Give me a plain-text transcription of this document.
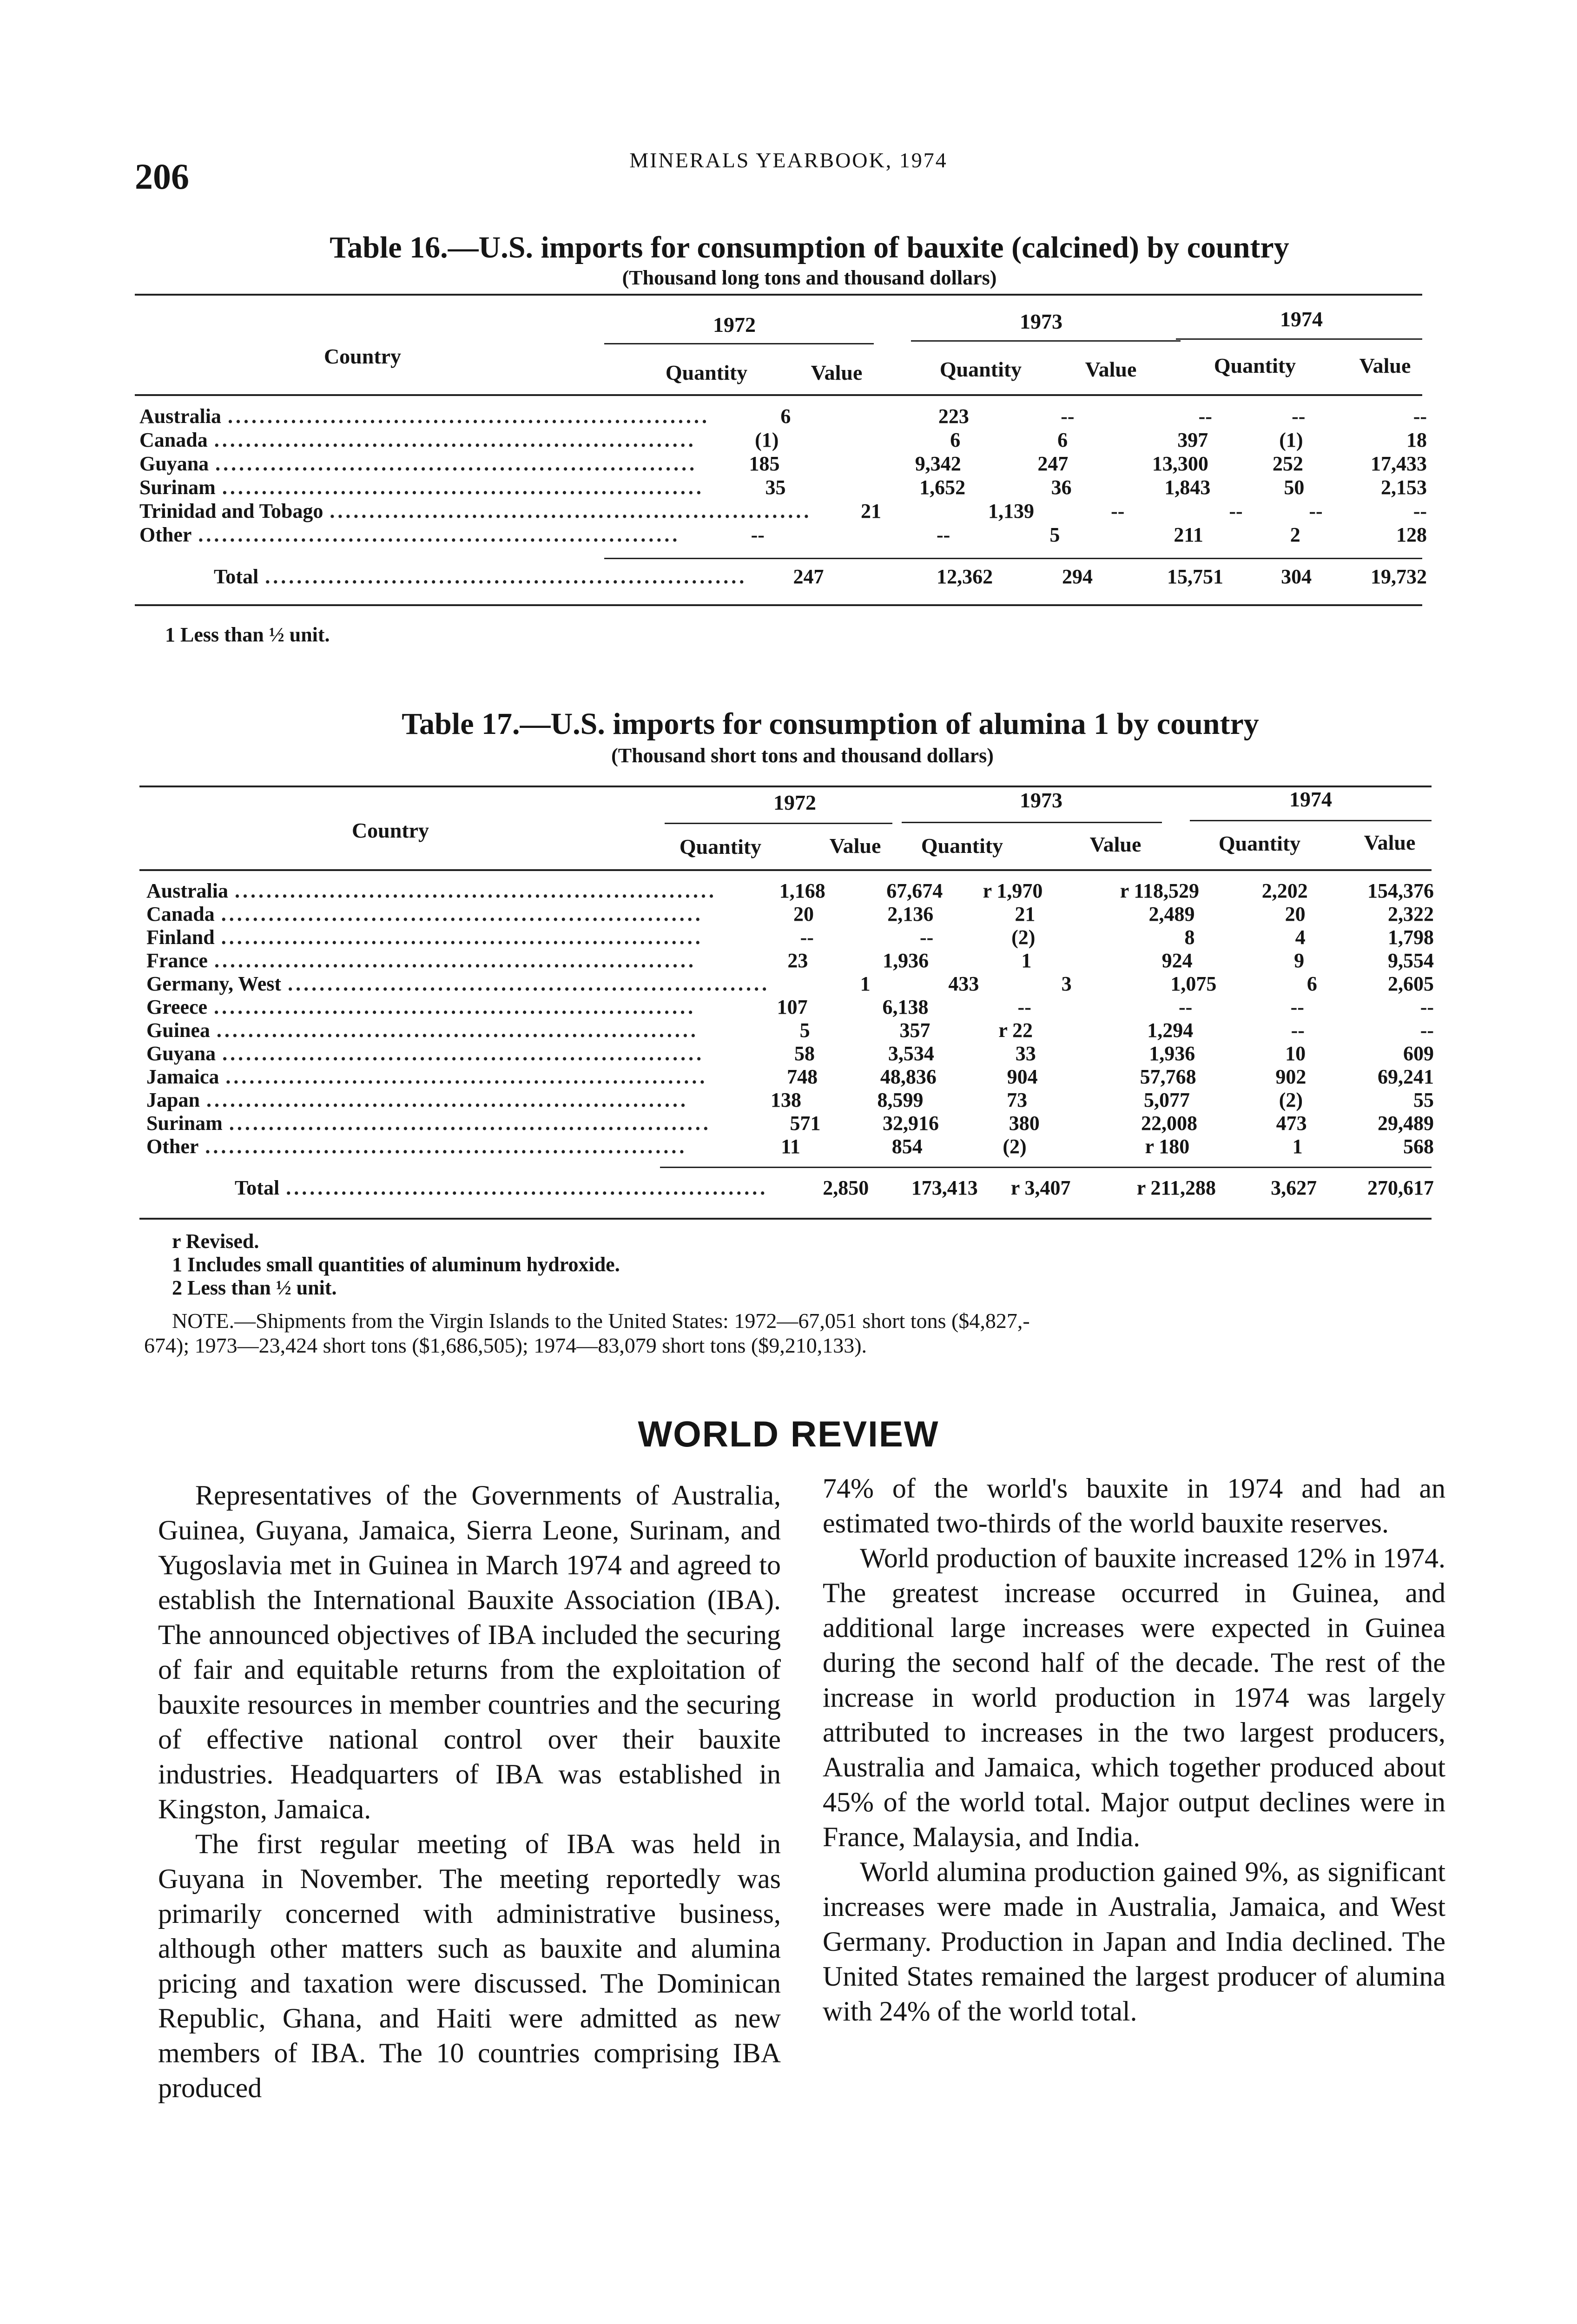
206	MINERALS YEARBOOK, 1974
Table 16.—U.S. imports for consumption of bauxite (calcined) by country
(Thousand long tons and thousand dollars)
Country
1972	1973	1974
Quantity	Value	Quantity	Value	Quantity	Value
Australia .............................................................	6	223	--	--	--	--
Canada .............................................................	(1)	6	6	397	(1)	18
Guyana .............................................................	185	9,342	247	13,300	252	17,433
Surinam .............................................................	35	1,652	36	1,843	50	2,153
Trinidad and Tobago .............................................................	21	1,139	--	--	--	--
Other .............................................................	--	--	5	211	2	128
Total .............................................................	247	12,362	294	15,751	304	19,732
1 Less than ½ unit.
Table 17.—U.S. imports for consumption of alumina 1 by country
(Thousand short tons and thousand dollars)
Country
1972	1973	1974
Quantity	Value	Quantity	Value	Quantity	Value
Australia .............................................................	1,168	67,674	r 1,970	r 118,529	2,202	154,376
Canada .............................................................	20	2,136	21	2,489	20	2,322
Finland .............................................................	--	--	(2)	8	4	1,798
France .............................................................	23	1,936	1	924	9	9,554
Germany, West .............................................................	1	433	3	1,075	6	2,605
Greece .............................................................	107	6,138	--	--	--	--
Guinea .............................................................	5	357	r 22	1,294	--	--
Guyana .............................................................	58	3,534	33	1,936	10	609
Jamaica .............................................................	748	48,836	904	57,768	902	69,241
Japan .............................................................	138	8,599	73	5,077	(2)	55
Surinam .............................................................	571	32,916	380	22,008	473	29,489
Other .............................................................	11	854	(2)	r 180	1	568
Total .............................................................	2,850	173,413	r 3,407	r 211,288	3,627	270,617
r Revised.
1 Includes small quantities of aluminum hydroxide.
2 Less than ½ unit.
NOTE.—Shipments from the Virgin Islands to the United States: 1972—67,051 short tons ($4,827,-
674); 1973—23,424 short tons ($1,686,505); 1974—83,079 short tons ($9,210,133).
WORLD REVIEW

Representatives of the Governments of Australia, Guinea, Guyana, Jamaica, Sierra Leone, Surinam, and Yugoslavia met in Guinea in March 1974 and agreed to establish the International Bauxite Association (IBA). The announced objectives of IBA included the securing of fair and equitable returns from the exploitation of bauxite resources in member countries and the securing of effective national control over their bauxite industries. Headquarters of IBA was established in Kingston, Jamaica.

The first regular meeting of IBA was held in Guyana in November. The meeting reportedly was primarily concerned with administrative business, although other matters such as bauxite and alumina pricing and taxation were discussed. The Dominican Republic, Ghana, and Haiti were admitted as new members of IBA. The 10 countries comprising IBA produced

74% of the world's bauxite in 1974 and had an estimated two-thirds of the world bauxite reserves.

World production of bauxite increased 12% in 1974. The greatest increase occurred in Guinea, and additional large increases were expected in Guinea during the second half of the decade. The rest of the increase in world production in 1974 was largely attributed to increases in the two largest producers, Australia and Jamaica, which together produced about 45% of the world total. Major output declines were in France, Malaysia, and India.

World alumina production gained 9%, as significant increases were made in Australia, Jamaica, and West Germany. Production in Japan and India declined. The United States remained the largest producer of alumina with 24% of the world total.
